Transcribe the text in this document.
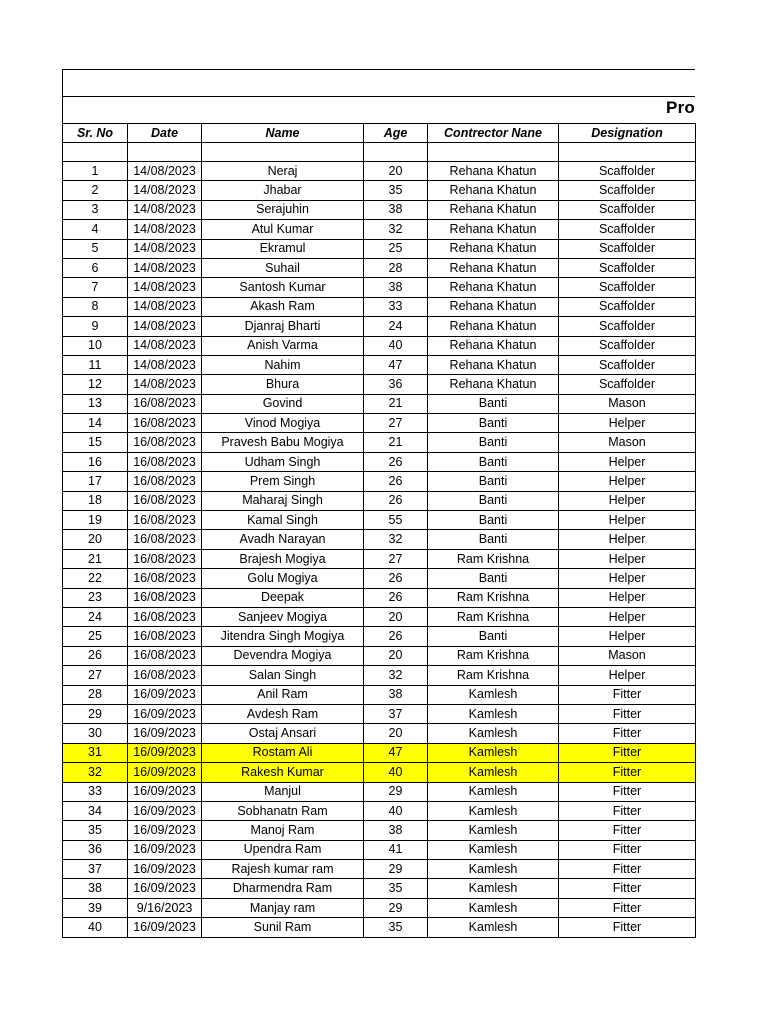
Pro
Sr. No	Date	Name	Age	Contrector Nane	Designation

1	14/08/2023	Neraj	20	Rehana Khatun	Scaffolder
2	14/08/2023	Jhabar	35	Rehana Khatun	Scaffolder
3	14/08/2023	Serajuhin	38	Rehana Khatun	Scaffolder
4	14/08/2023	Atul Kumar	32	Rehana Khatun	Scaffolder
5	14/08/2023	Ekramul	25	Rehana Khatun	Scaffolder
6	14/08/2023	Suhail	28	Rehana Khatun	Scaffolder
7	14/08/2023	Santosh Kumar	38	Rehana Khatun	Scaffolder
8	14/08/2023	Akash Ram	33	Rehana Khatun	Scaffolder
9	14/08/2023	Djanraj Bharti	24	Rehana Khatun	Scaffolder
10	14/08/2023	Anish Varma	40	Rehana Khatun	Scaffolder
11	14/08/2023	Nahim	47	Rehana Khatun	Scaffolder
12	14/08/2023	Bhura	36	Rehana Khatun	Scaffolder
13	16/08/2023	Govind	21	Banti	Mason
14	16/08/2023	Vinod Mogiya	27	Banti	Helper
15	16/08/2023	Pravesh Babu Mogiya	21	Banti	Mason
16	16/08/2023	Udham Singh	26	Banti	Helper
17	16/08/2023	Prem Singh	26	Banti	Helper
18	16/08/2023	Maharaj Singh	26	Banti	Helper
19	16/08/2023	Kamal Singh	55	Banti	Helper
20	16/08/2023	Avadh Narayan	32	Banti	Helper
21	16/08/2023	Brajesh Mogiya	27	Ram Krishna	Helper
22	16/08/2023	Golu Mogiya	26	Banti	Helper
23	16/08/2023	Deepak	26	Ram Krishna	Helper
24	16/08/2023	Sanjeev Mogiya	20	Ram Krishna	Helper
25	16/08/2023	Jitendra Singh Mogiya	26	Banti	Helper
26	16/08/2023	Devendra Mogiya	20	Ram Krishna	Mason
27	16/08/2023	Salan Singh	32	Ram Krishna	Helper
28	16/09/2023	Anil Ram	38	Kamlesh	Fitter
29	16/09/2023	Avdesh Ram	37	Kamlesh	Fitter
30	16/09/2023	Ostaj Ansari	20	Kamlesh	Fitter
31	16/09/2023	Rostam Ali	47	Kamlesh	Fitter
32	16/09/2023	Rakesh Kumar	40	Kamlesh	Fitter
33	16/09/2023	Manjul	29	Kamlesh	Fitter
34	16/09/2023	Sobhanatn Ram	40	Kamlesh	Fitter
35	16/09/2023	Manoj Ram	38	Kamlesh	Fitter
36	16/09/2023	Upendra Ram	41	Kamlesh	Fitter
37	16/09/2023	Rajesh kumar ram	29	Kamlesh	Fitter
38	16/09/2023	Dharmendra Ram	35	Kamlesh	Fitter
39	9/16/2023	Manjay ram	29	Kamlesh	Fitter
40	16/09/2023	Sunil Ram	35	Kamlesh	Fitter
